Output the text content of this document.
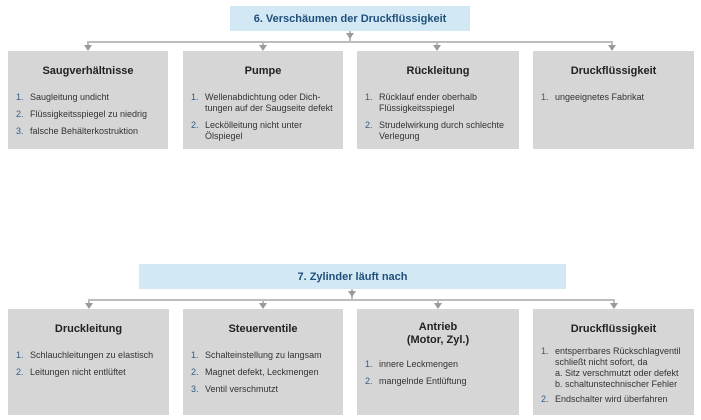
6. Verschäumen der Druckflüssigkeit
Saugverhältnisse
1. Saugleitung undicht
2. Flüssigkeitsspiegel zu niedrig
3. falsche Behälterkostruktion
Pumpe
1. Wellenabdichtung oder Dich-
tungen auf der Saugseite defekt
2. Leckölleitung nicht unter
Ölspiegel
Rückleitung
1. Rücklauf ender oberhalb
Flüssigkeitsspiegel
2. Strudelwirkung durch schlechte
Verlegung
Druckflüssigkeit
1. ungeeignetes Fabrikat
7. Zylinder läuft nach
Druckleitung
1. Schlauchleitungen zu elastisch
2. Leitungen nicht entlüftet
Steuerventile
1. Schalteinstellung zu langsam
2. Magnet defekt, Leckmengen
3. Ventil verschmutzt
Antrieb
(Motor, Zyl.)
1. innere Leckmengen
2. mangelnde Entlüftung
Druckflüssigkeit
1. entsperrbares Rückschlagventil
schließt nicht sofort, da
a. Sitz verschmutzt oder defekt
b. schaltunstechnischer Fehler
2. Endschalter wird überfahren
